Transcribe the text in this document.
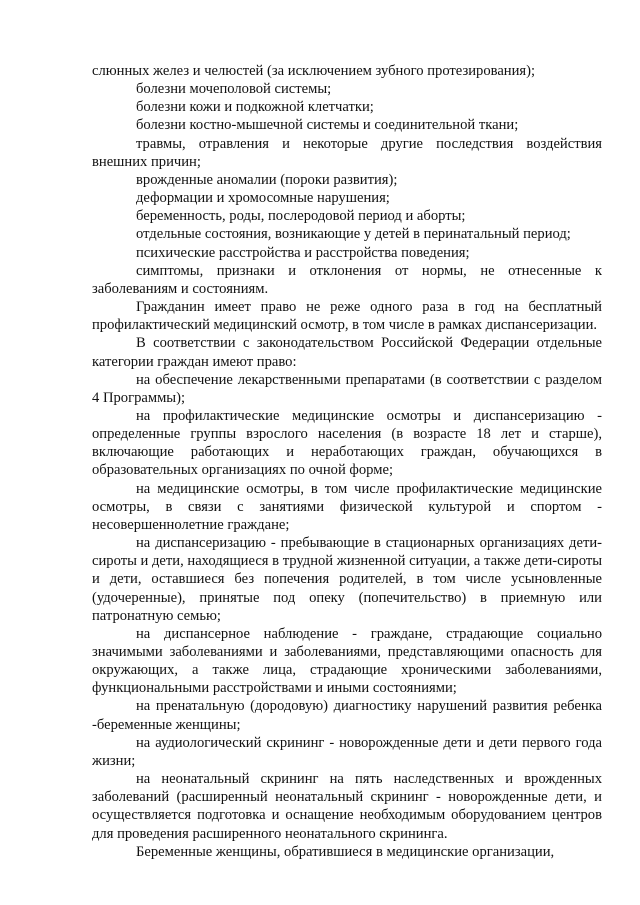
слюнных желез и челюстей (за исключением зубного протезирования);

болезни мочеполовой системы;

болезни кожи и подкожной клетчатки;

болезни костно-мышечной системы и соединительной ткани;

травмы, отравления и некоторые другие последствия воздействия внешних причин;

врожденные аномалии (пороки развития);

деформации и хромосомные нарушения;

беременность, роды, послеродовой период и аборты;

отдельные состояния, возникающие у детей в перинатальный период;

психические расстройства и расстройства поведения;

симптомы, признаки и отклонения от нормы, не отнесенные к заболеваниям и состояниям.

Гражданин имеет право не реже одного раза в год на бесплатный профилактический медицинский осмотр, в том числе в рамках диспансеризации.

В соответствии с законодательством Российской Федерации отдельные категории граждан имеют право:

на обеспечение лекарственными препаратами (в соответствии с разделом 4 Программы);

на профилактические медицинские осмотры и диспансеризацию - определенные группы взрослого населения (в возрасте 18 лет и старше), включающие работающих и неработающих граждан, обучающихся в образовательных организациях по очной форме;

на медицинские осмотры, в том числе профилактические медицинские осмотры, в связи с занятиями физической культурой и спортом - несовершеннолетние граждане;

на диспансеризацию - пребывающие в стационарных организациях дети-сироты и дети, находящиеся в трудной жизненной ситуации, а также дети-сироты и дети, оставшиеся без попечения родителей, в том числе усыновленные (удочеренные), принятые под опеку (попечительство) в приемную или патронатную семью;

на диспансерное наблюдение - граждане, страдающие социально значимыми заболеваниями и заболеваниями, представляющими опасность для окружающих, а также лица, страдающие хроническими заболеваниями, функциональными расстройствами и иными состояниями;

на пренатальную (дородовую) диагностику нарушений развития ребенка -беременные женщины;

на аудиологический скрининг - новорожденные дети и дети первого года жизни;

на неонатальный скрининг на пять наследственных и врожденных заболеваний (расширенный неонатальный скрининг - новорожденные дети, и осуществляется подготовка и оснащение необходимым оборудованием центров для проведения расширенного неонатального скрининга.

Беременные женщины, обратившиеся в медицинские организации,
